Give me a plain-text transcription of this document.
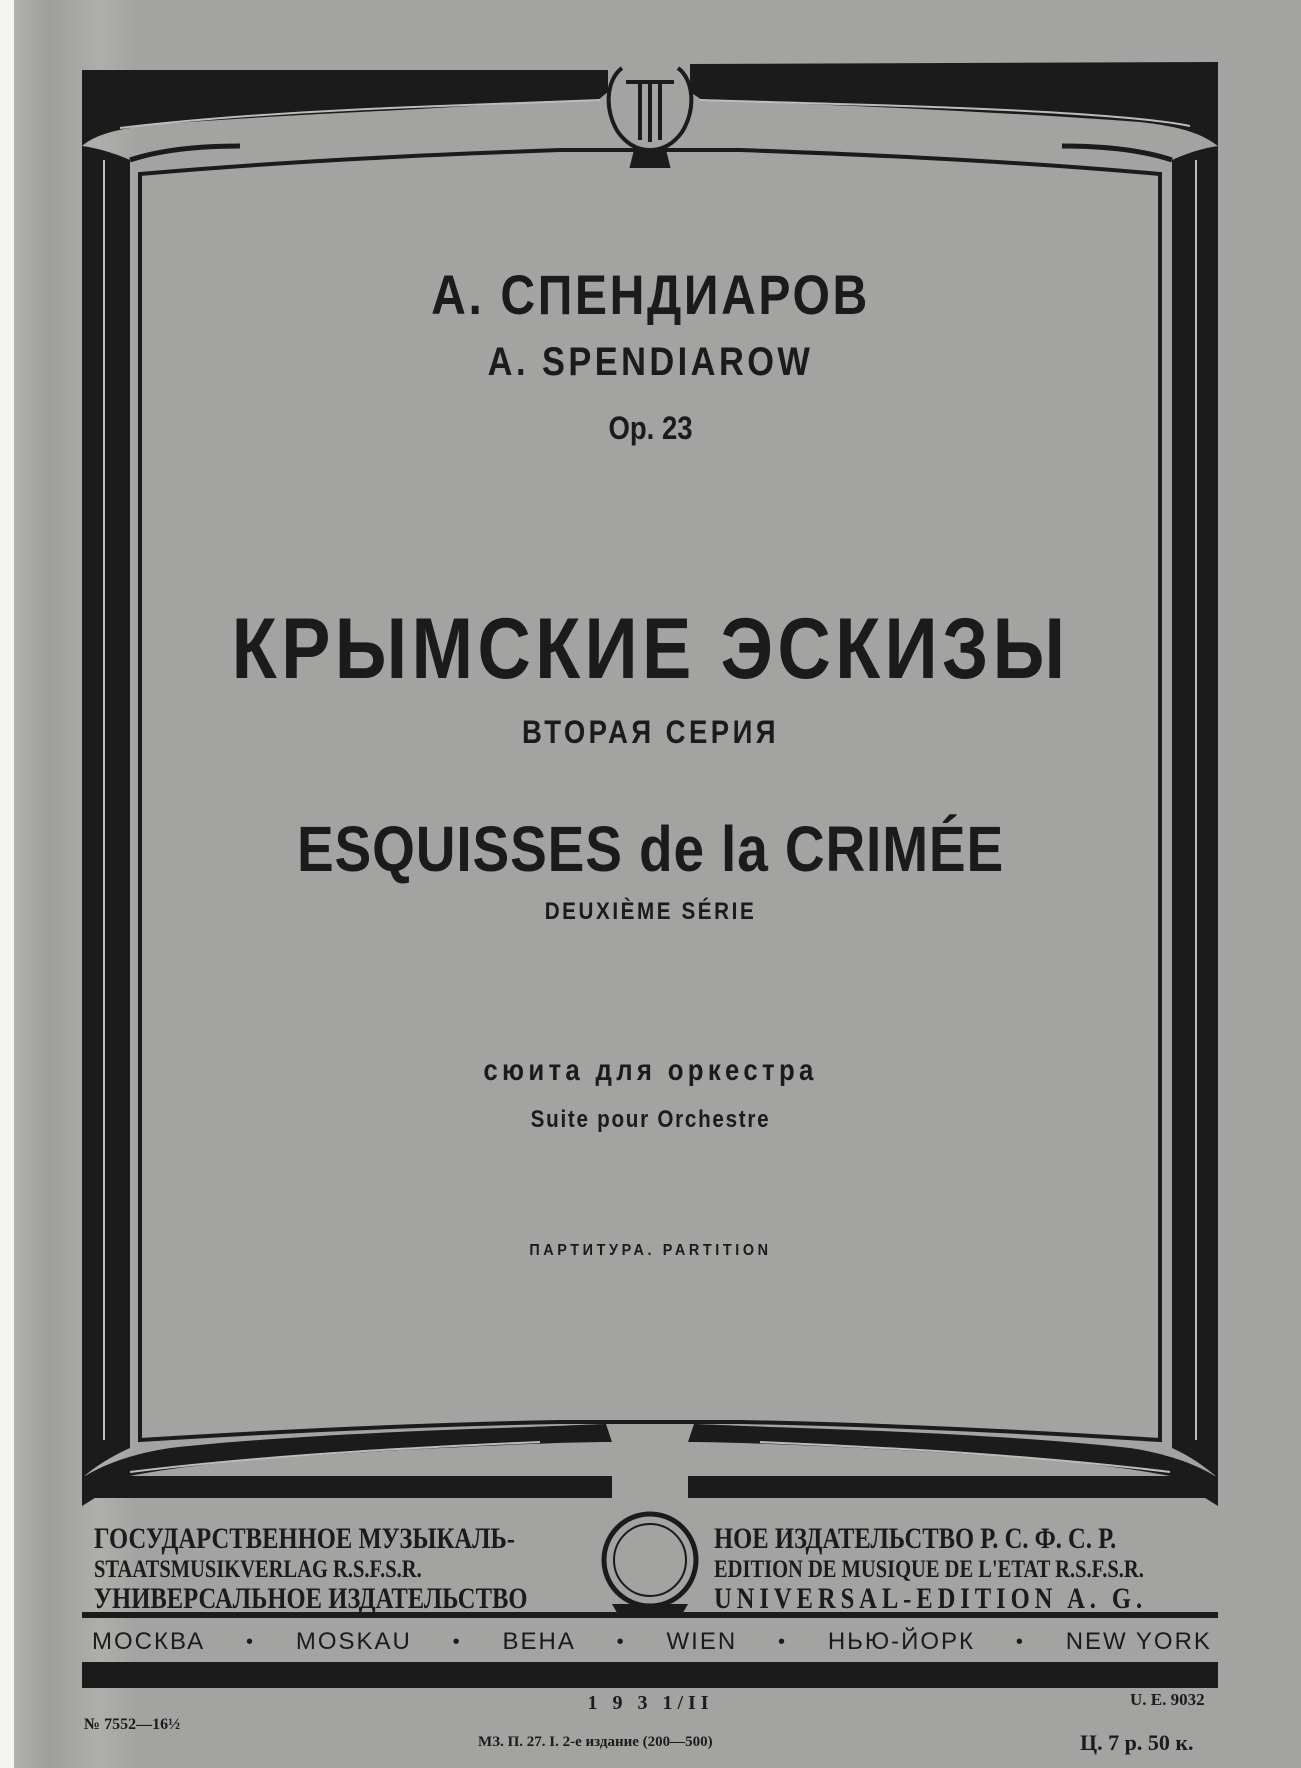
А. СПЕНДИАРОВ
A. SPENDIAROW
Op. 23
КРЫМСКИЕ ЭСКИЗЫ
ВТОРАЯ СЕРИЯ
ESQUISSES de la CRIMÉE
DEUXIÈME SÉRIE
сюита для оркестра
Suite pour Orchestre
ПАРТИТУРА. PARTITION
ГОСУДАРСТВЕННОЕ МУЗЫКАЛЬ-	НОЕ ИЗДАТЕЛЬСТВО Р. С. Ф. С. Р.
STAATSMUSIKVERLAG R.S.F.S.R.	EDITION DE MUSIQUE DE L'ETAT R.S.F.S.R.
УНИВЕРСАЛЬНОЕ ИЗДАТЕЛЬСТВО	UNIVERSAL-EDITION A. G.
МОСКВА • MOSKAU • ВЕНА • WIEN • НЬЮ-ЙОРК • NEW YORK
1 9 3 1/II	U. E. 9032
№ 7552—16½
МЗ. П. 27. I. 2-е издание (200—500)	Ц. 7 р. 50 к.
